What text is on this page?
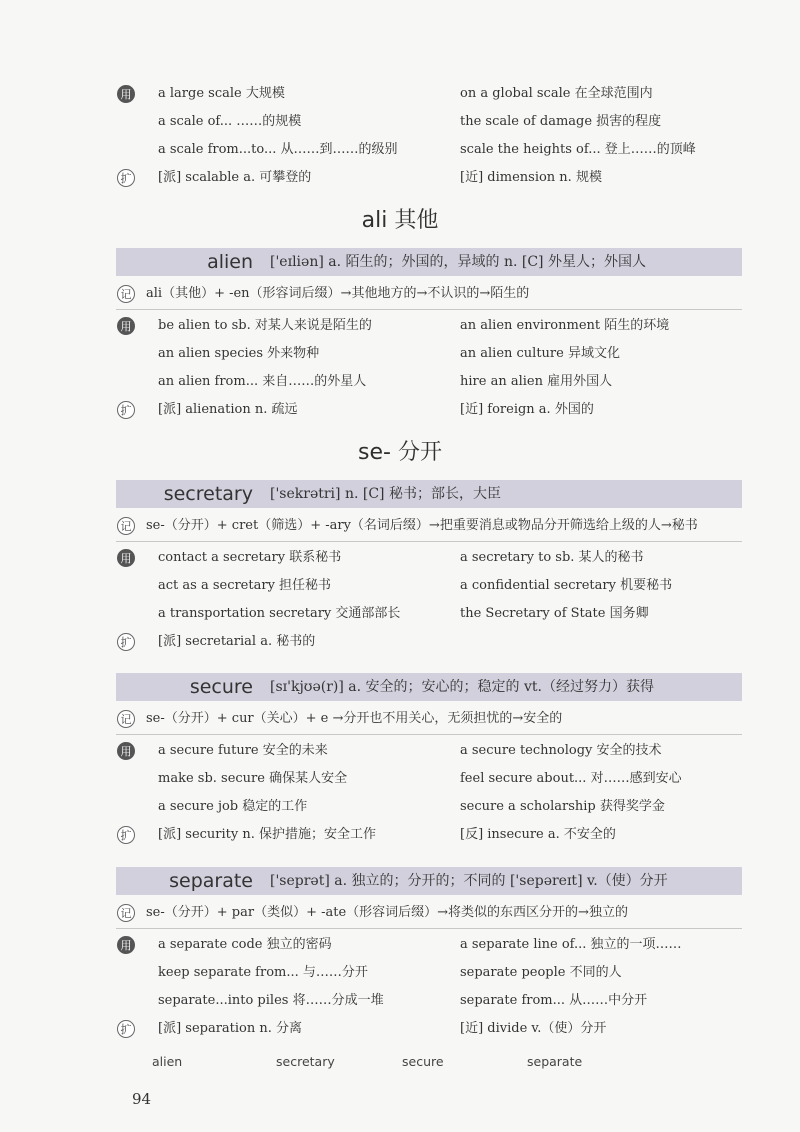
用 a large scale 大规模	on a global scale 在全球范围内
a scale of... ……的规模	the scale of damage 损害的程度
a scale from...to... 从……到……的级别	scale the heights of... 登上……的顶峰
扩 [派] scalable a. 可攀登的	[近] dimension n. 规模
ali 其他
alien ['eɪliən] a. 陌生的；外国的，异域的 n. [C] 外星人；外国人
记 ali（其他）+ -en（形容词后缀）→其他地方的→不认识的→陌生的
用 be alien to sb. 对某人来说是陌生的	an alien environment 陌生的环境
an alien species 外来物种	an alien culture 异域文化
an alien from... 来自……的外星人	hire an alien 雇用外国人
扩 [派] alienation n. 疏远	[近] foreign a. 外国的
se- 分开
secretary ['sekrətri] n. [C] 秘书；部长，大臣
记 se-（分开）+ cret（筛选）+ -ary（名词后缀）→把重要消息或物品分开筛选给上级的人→秘书
用 contact a secretary 联系秘书	a secretary to sb. 某人的秘书
act as a secretary 担任秘书	a confidential secretary 机要秘书
a transportation secretary 交通部部长	the Secretary of State 国务卿
扩 [派] secretarial a. 秘书的
secure [sɪ'kjʊə(r)] a. 安全的；安心的；稳定的 vt.（经过努力）获得
记 se-（分开）+ cur（关心）+ e →分开也不用关心，无须担忧的→安全的
用 a secure future 安全的未来	a secure technology 安全的技术
make sb. secure 确保某人安全	feel secure about... 对……感到安心
a secure job 稳定的工作	secure a scholarship 获得奖学金
扩 [派] security n. 保护措施；安全工作	[反] insecure a. 不安全的
separate ['seprət] a. 独立的；分开的；不同的 ['sepəreɪt] v.（使）分开
记 se-（分开）+ par（类似）+ -ate（形容词后缀）→将类似的东西区分开的→独立的
用 a separate code 独立的密码	a separate line of... 独立的一项……
keep separate from... 与……分开	separate people 不同的人
separate...into piles 将……分成一堆	separate from... 从……中分开
扩 [派] separation n. 分离	[近] divide v.（使）分开
alien	secretary	secure	separate
94
